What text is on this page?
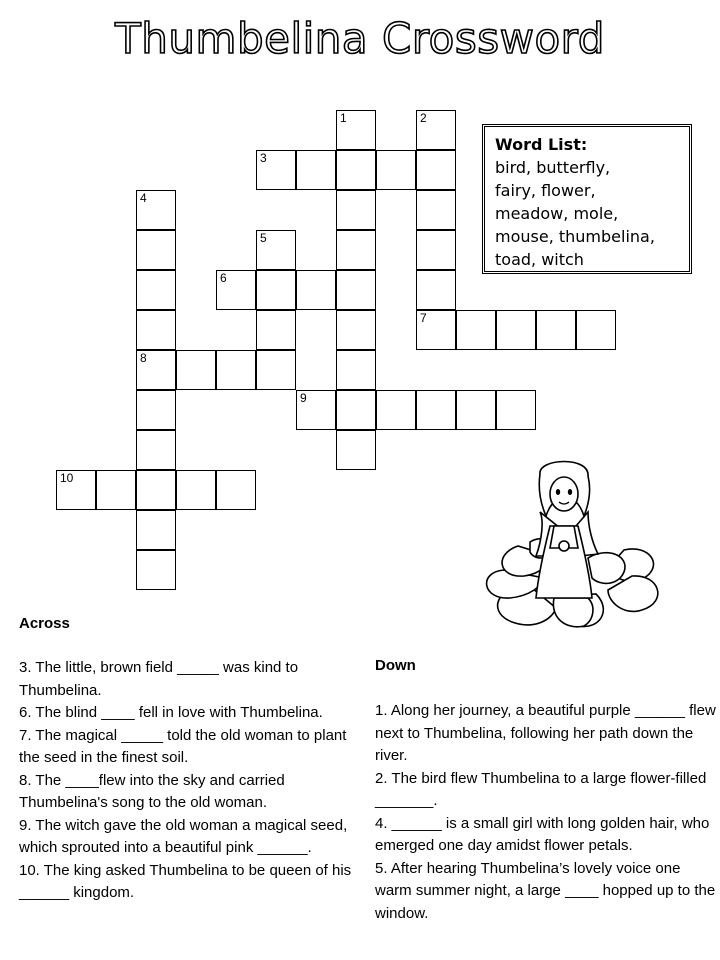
Thumbelina Crossword
1	2
3
4
5
6
7
8
9
10
Word List:
bird, butterfly,
fairy, flower,
meadow, mole,
mouse, thumbelina,
toad, witch
Across
3. The little, brown field _____ was kind to Thumbelina.
6. The blind ____ fell in love with Thumbelina.
7. The magical _____ told the old woman to plant the seed in the finest soil.
8. The ____flew into the sky and carried Thumbelina's song to the old woman.
9. The witch gave the old woman a magical seed, which sprouted into a beautiful pink ______.
10. The king asked Thumbelina to be queen of his ______ kingdom.
Down
1. Along her journey, a beautiful purple ______ flew next to Thumbelina, following her path down the river.
2. The bird flew Thumbelina to a large flower-filled _______.
4. ______ is a small girl with long golden hair, who emerged one day amidst flower petals.
5. After hearing Thumbelina’s lovely voice one warm summer night, a large ____ hopped up to the window.
